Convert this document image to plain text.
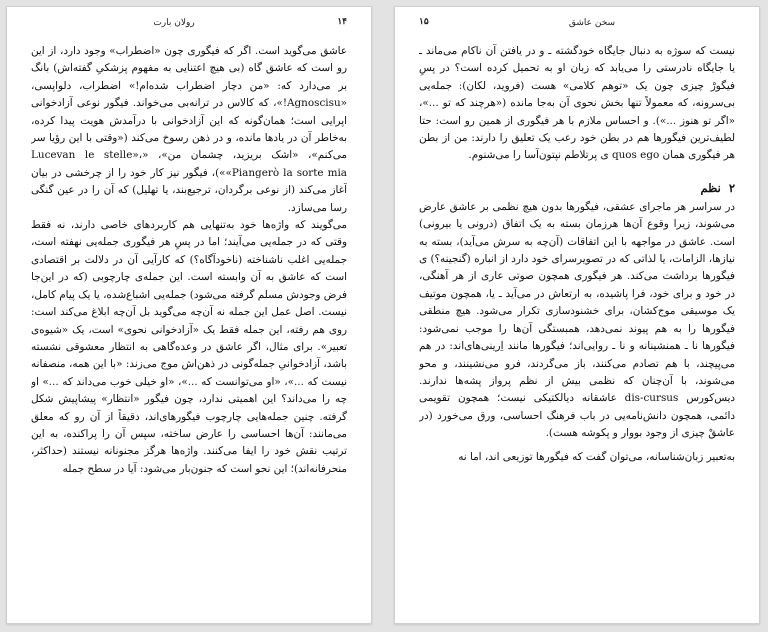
رولان بارت	۱۴

عاشق می‌گوید است. اگر که فیگوری چون «اضطراب» وجود دارد، از این رو است که عاشق گاه (بی هیچ اعتنایی به مفهوم پزشکیِ گفته‌اش) بانگ بر می‌دارد که: «من دچار اضطراب شده‌ام!» اضطراب، دلواپسی، «Agnoscisu!»، که کالاس در ترانه‌بی می‌خواند. فیگور نوعی آزادخوانی اپرایی است؛ همان‌گونه که این آزادخوانی با درآمدش هویت پیدا کرده، به‌خاطر آن در یادها مانده، و در ذهن رسوخ می‌کند («وقتی با این رؤیا سر می‌کنم»، «اشک بریزید، چشمان من»، «Lucevan le stelle»، «Piangerò la sorte mia»)، فیگور نیز کار خود را از چرخشی در بیان آغاز می‌کند (از نوعی برگردان، ترجیع‌بند، یا تهلیل) که آن را در عین گنگی رسا می‌سازد.

می‌گویند که واژه‌ها خود به‌تنهایی هم کاربردهای خاصی دارند، نه فقط وقتی که در جمله‌یی می‌آیند؛ اما در پسِ هر فیگوری جمله‌یی نهفته است، جمله‌یی اغلب ناشناخته (ناخودآگاه؟) که کارآیی آن در دلالت بر اقتصادی است که عاشق به آن وابسته است. این جمله‌ی چارچوبی (که در این‌جا فرض وجودش مسلم گرفته می‌شود) جمله‌یی اشباع‌شده، یا یک پیام کامل، نیست. اصل عمل این جمله نه آن‌چه می‌گوید بل آن‌چه ابلاغ می‌کند است: روی هم رفته، این جمله فقط یک «آزادخوانی نحوی» است، یک «شیوه‌ی تعبیر». برای مثال، اگر عاشق در وعده‌گاهی به انتظار معشوقی نشسته باشد، آزادخوانیِ جمله‌گونی در ذهن‌اش موج می‌زند: «با این همه، منصفانه نیست که ...»، «او می‌توانست که ...»، «او خیلی خوب می‌داند که ...» او چه را می‌داند؟ این اهمیتی ندارد، چون فیگور «انتظار» پیشاپیش شکل گرفته. چنین جمله‌هایی چارچوب فیگورهای‌اند، دقیقاً از آن رو که معلق می‌مانند: آن‌ها احساسی را عارض ساخته، سپس آن را پراکنده، به این ترتیب نقش خود را ایفا می‌کنند. واژه‌ها هرگز مجنونانه نیستند (حداکثر، منحرفانه‌اند)؛ این نحو است که جنون‌بار می‌شود: آیا در سطح جمله

۱۵	سخن عاشق

نیست که سوژه به دنبال جایگاه خودگشته ـ و در یافتن آن ناکام می‌ماند ـ یا جایگاه نادرستی را می‌یابد که زبان او به تحمیل کرده است؟ در پسِ فیگورْ چیزی چون یک «توهم کلامی» هست (فروید، لکان): جمله‌یی بی‌سرونه، که معمولاً تنها بخش نحوی آن به‌جا مانده («هرچند که تو ...»، «اگر تو هنوز ...»). و احساس ملازم با هر فیگوری از همین رو است: حتا لطیف‌ترین فیگورها هم در بطن خود رعب یک تعلیق را دارند: من از بطن هر فیگوری همان quos ego ی پرتلاطم نپتون‌آسا را می‌شنوم.

۲  نظم

در سراسر هر ماجرای عشقی، فیگورها بدون هیچ نظمی بر عاشق عارض می‌شوند، زیرا وقوع آن‌ها هرزمان بسته به یک اتفاق (درونی یا بیرونی) است. عاشق در مواجهه با این اتفاقات (آن‌چه به سرش می‌آید)، بسته به نیازها، الزامات، یا لذاتی که در تصویرسرای خود دارد از انباره (گنجینه؟) ی فیگورها برداشت می‌کند. هر فیگوری همچون صوتی عاری از هر آهنگی، در خود و برای خود، فرا پاشیده، به ارتعاش در می‌آید ـ یا، همچون موتیف یک موسیقی موج‌کشان، برای خشنودسازی تکرار می‌شود. هیچ منطقی فیگورها را به هم پیوند نمی‌دهد، همبستگی آن‌ها را موجب نمی‌شود: فیگورها نا ـ همنشینانه و نا ـ روایی‌اند؛ فیگورها مانند اِرینی‌های‌اند: در هم می‌پیچند، با هم تصادم می‌کنند، باز می‌گردند، فرو می‌نشینند، و محو می‌شوند، با آن‌چنان که نظمی بیش از نظم پرواز پشه‌ها ندارند. دیس‌کورس dis-cursus عاشقانه دیالکتیکی نیست؛ همچون تقویمی دائمی، همچون دانش‌نامه‌یی در باب فرهنگ احساسی، ورق می‌خورد (در عاشقْ چیزی از وجود بووار و پکوشه هست).

به‌تعبیر زبان‌شناسانه، می‌توان گفت که فیگورها توزیعی اند، اما نه
